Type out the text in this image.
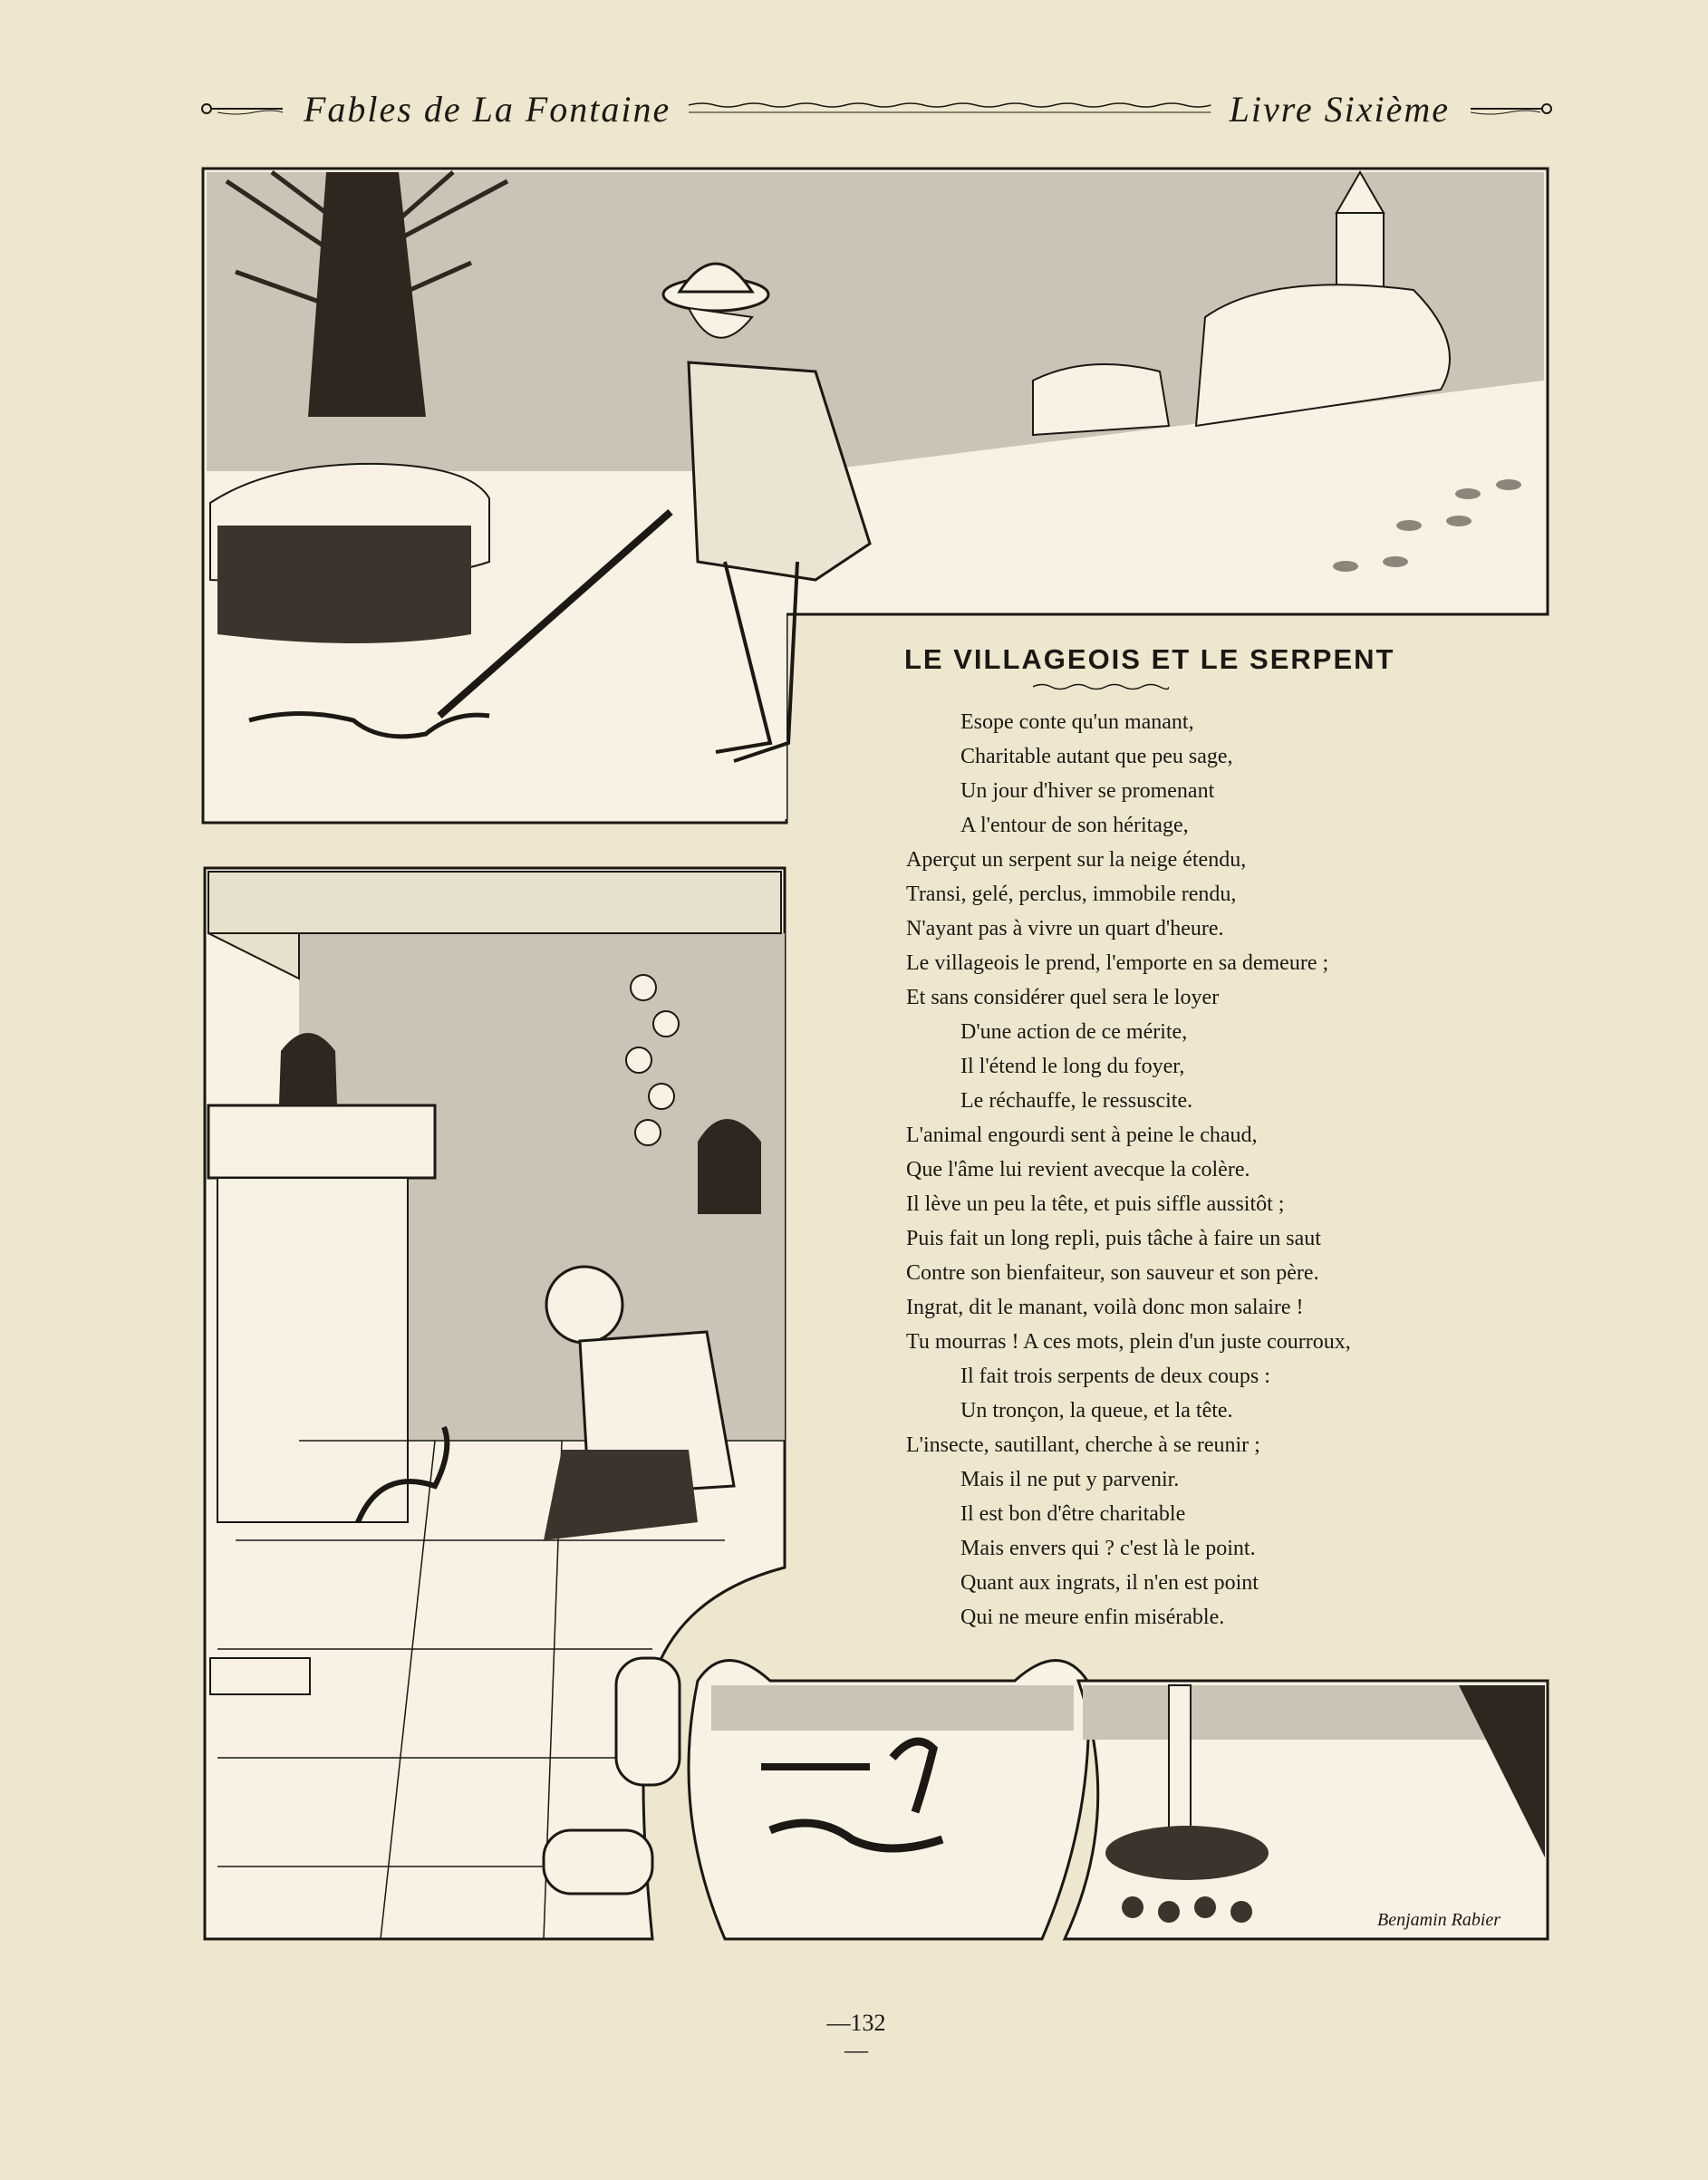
Fables de La Fontaine	Livre Sixième
Benjamin Rabier
LE VILLAGEOIS ET LE SERPENT
Esope conte qu'un manant,
Charitable autant que peu sage,
Un jour d'hiver se promenant
A l'entour de son héritage,
Aperçut un serpent sur la neige étendu,
Transi, gelé, perclus, immobile rendu,
N'ayant pas à vivre un quart d'heure.
Le villageois le prend, l'emporte en sa demeure ;
Et sans considérer quel sera le loyer
D'une action de ce mérite,
Il l'étend le long du foyer,
Le réchauffe, le ressuscite.
L'animal engourdi sent à peine le chaud,
Que l'âme lui revient avecque la colère.
Il lève un peu la tête, et puis siffle aussitôt ;
Puis fait un long repli, puis tâche à faire un saut
Contre son bienfaiteur, son sauveur et son père.
Ingrat, dit le manant, voilà donc mon salaire !
Tu mourras ! A ces mots, plein d'un juste courroux,
Il fait trois serpents de deux coups :
Un tronçon, la queue, et la tête.
L'insecte, sautillant, cherche à se reunir ;
Mais il ne put y parvenir.
Il est bon d'être charitable
Mais envers qui ? c'est là le point.
Quant aux ingrats, il n'en est point
Qui ne meure enfin misérable.
—132—
